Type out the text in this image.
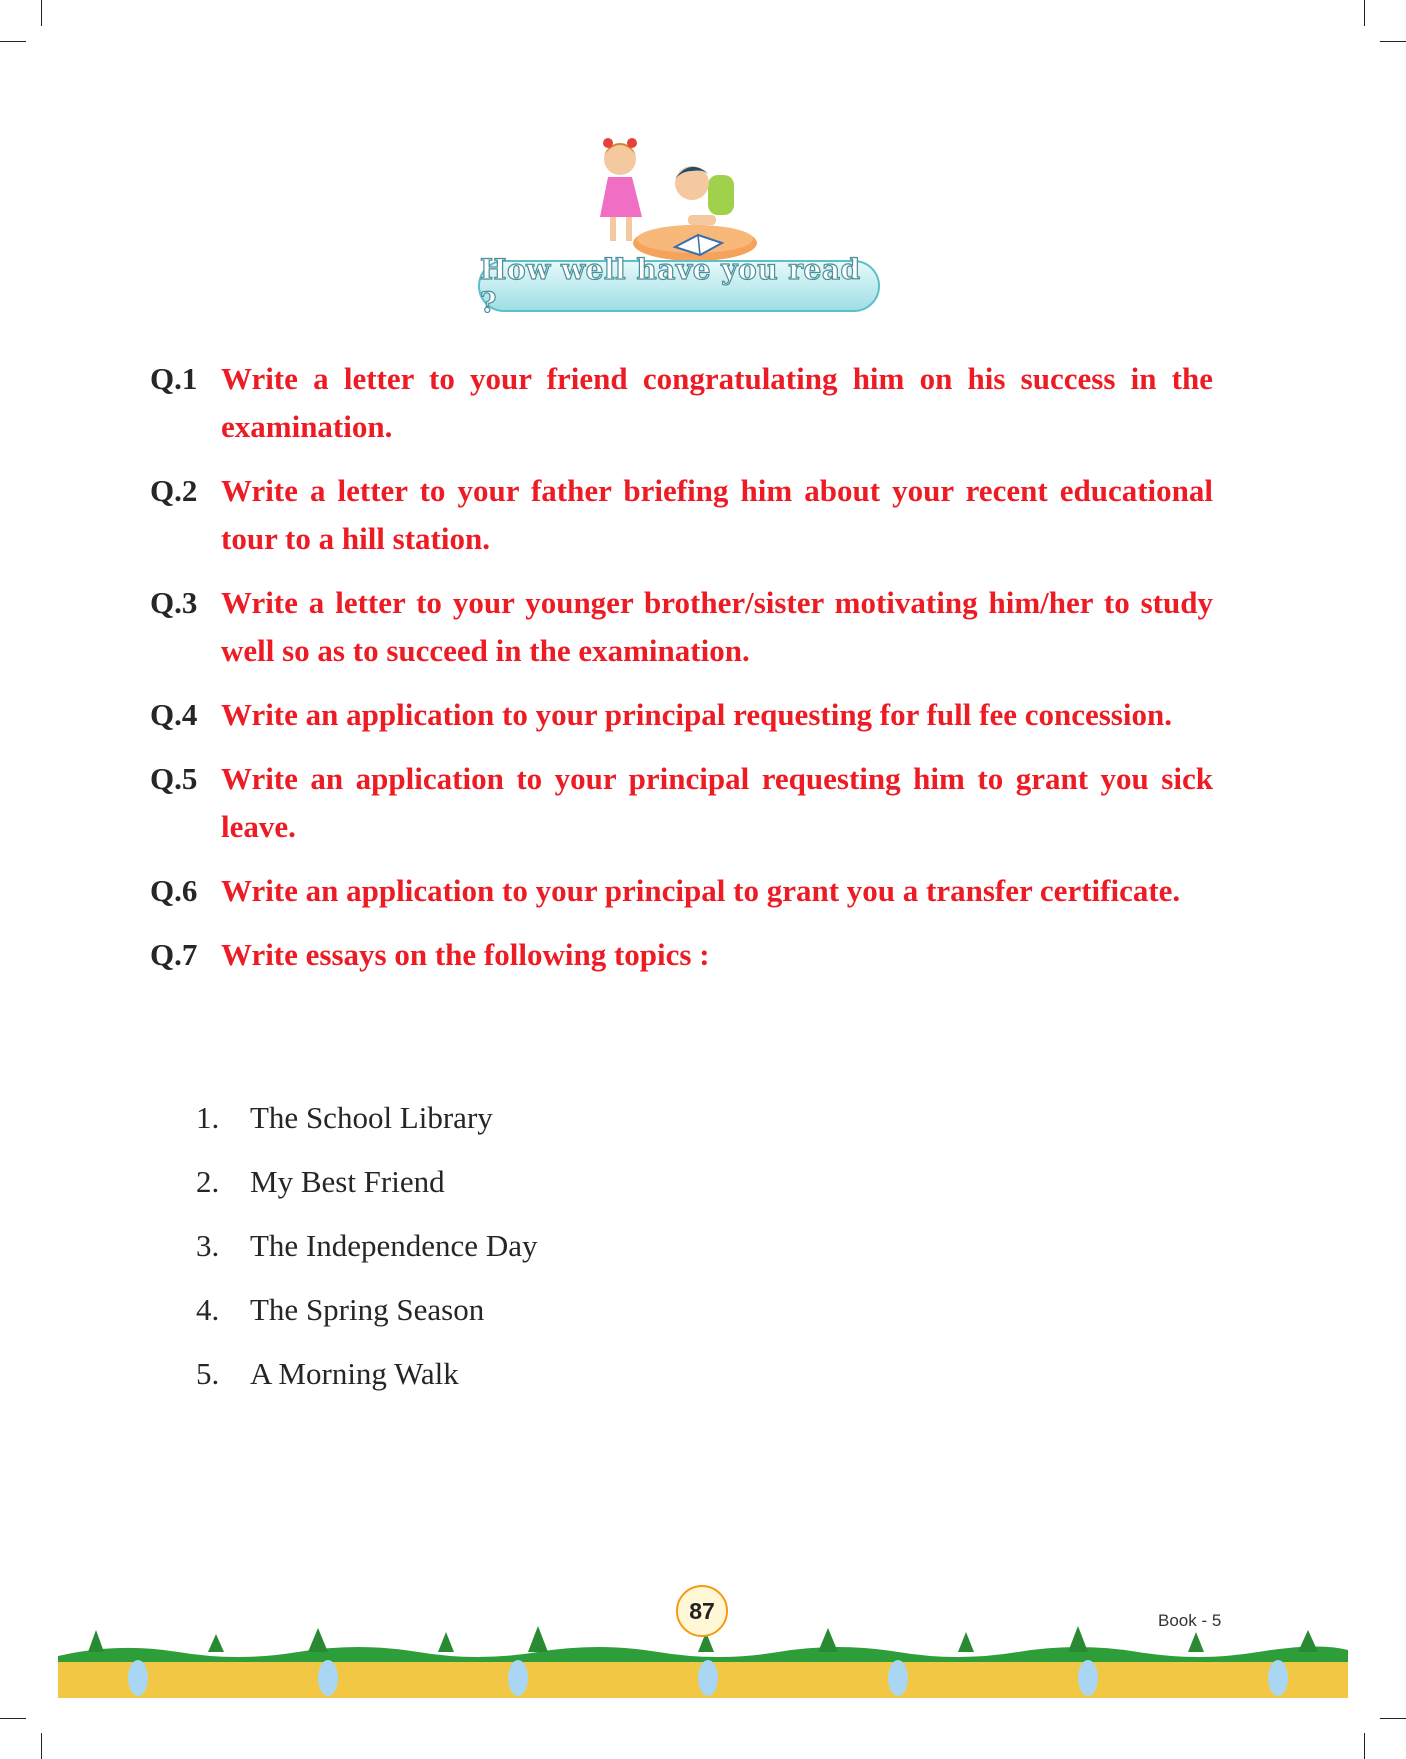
How well have you read ?
Q.1 Write a letter to your friend congratulating him on his success in the examination.
Q.2 Write a letter to your father briefing him about your recent educational tour to a hill station.
Q.3 Write a letter to your younger brother/sister motivating him/her to study well so as to succeed in the examination.
Q.4 Write an application to your principal requesting for full fee concession.
Q.5 Write an application to your principal requesting him to grant you sick leave.
Q.6 Write an application to your principal to grant you a transfer certificate.
Q.7 Write essays on the following topics :
1. The School Library
2. My Best Friend
3. The Independence Day
4. The Spring Season
5. A Morning Walk
87	Book - 5
